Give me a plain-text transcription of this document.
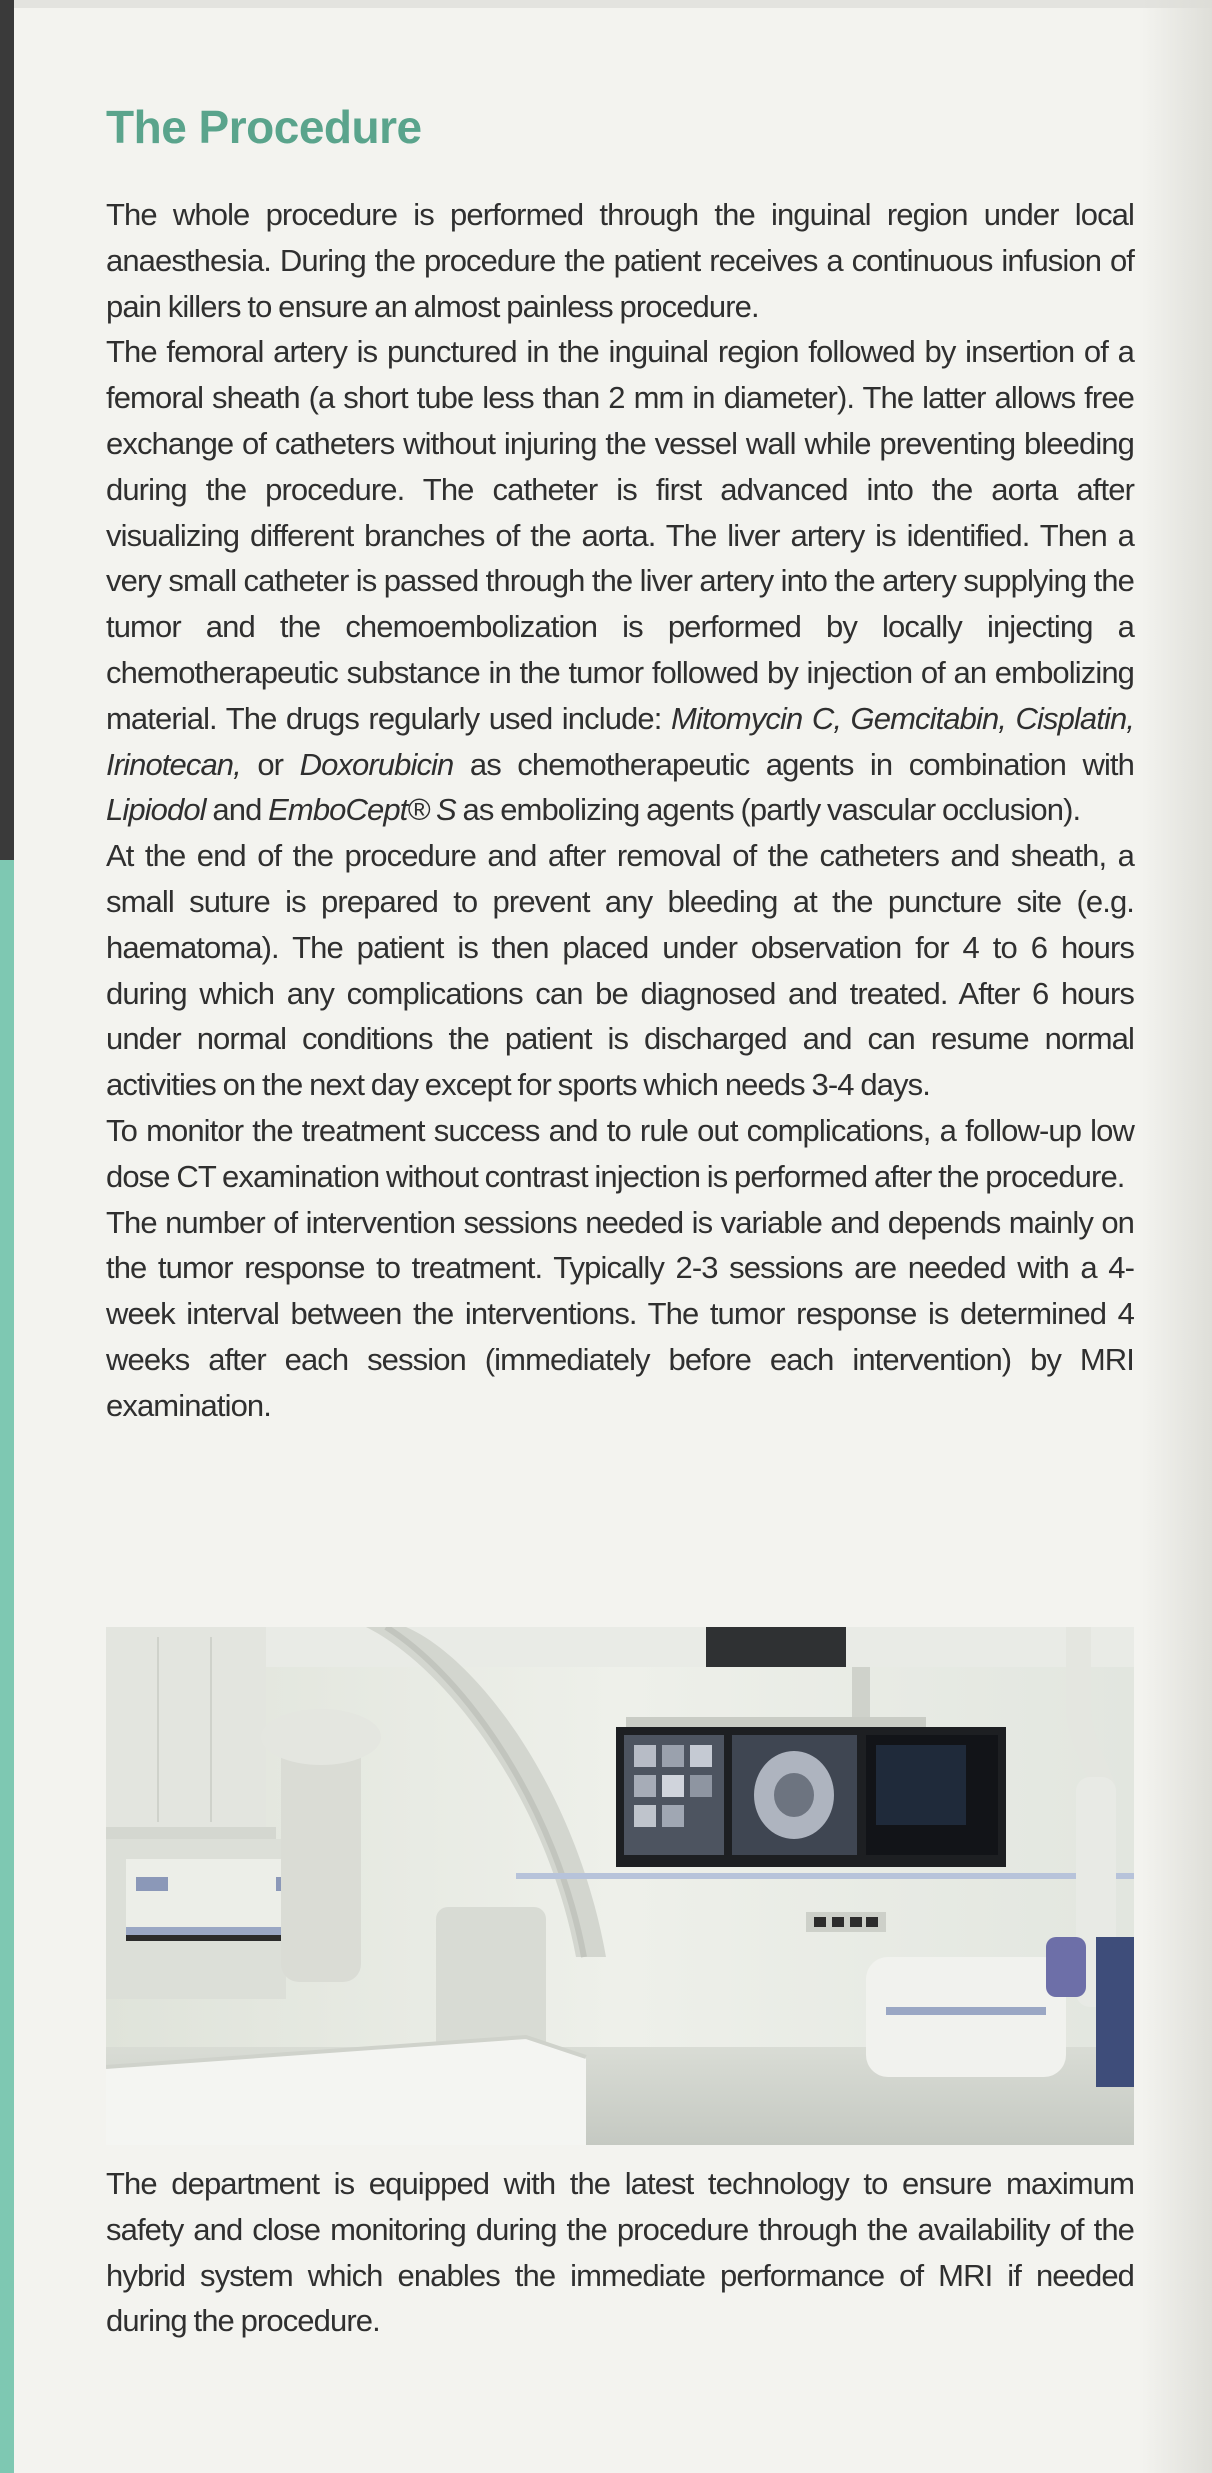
The Procedure

The whole procedure is performed through the inguinal region under local anaesthesia. During the procedure the patient receives a continuous infusion of pain killers to ensure an almost painless procedure.

The femoral artery is punctured in the inguinal region followed by insertion of a femoral sheath (a short tube less than 2 mm in diameter). The latter allows free exchange of catheters without injuring the vessel wall while preventing bleeding during the procedure. The catheter is first advanced into the aorta after visualizing different branches of the aorta. The liver artery is identified. Then a very small catheter is passed through the liver artery into the artery supplying the tumor and the chemoembolization is performed by locally injecting a chemotherapeutic substance in the tumor followed by injection of an embolizing material. The drugs regularly used include: Mitomycin C, Gemcitabin, Cisplatin, Irinotecan, or Doxorubicin as chemotherapeutic agents in combination with Lipiodol and EmboCept® S as embolizing agents (partly vascular occlusion).

At the end of the procedure and after removal of the catheters and sheath, a small suture is prepared to prevent any bleeding at the puncture site (e.g. haematoma). The patient is then placed under observation for 4 to 6 hours during which any complications can be diagnosed and treated. After 6 hours under normal conditions the patient is discharged and can resume normal activities on the next day except for sports which needs 3-4 days.

To monitor the treatment success and to rule out complications, a follow-up low dose CT examination without contrast injection is performed after the procedure.

The number of intervention sessions needed is variable and depends mainly on the tumor response to treatment. Typically 2-3 sessions are needed with a 4-week interval between the interventions. The tumor response is determined 4 weeks after each session (immediately before each intervention) by MRI examination.

The department is equipped with the latest technology to ensure maximum safety and close monitoring during the procedure through the availability of the hybrid system which enables the immediate performance of MRI if needed during the procedure.
